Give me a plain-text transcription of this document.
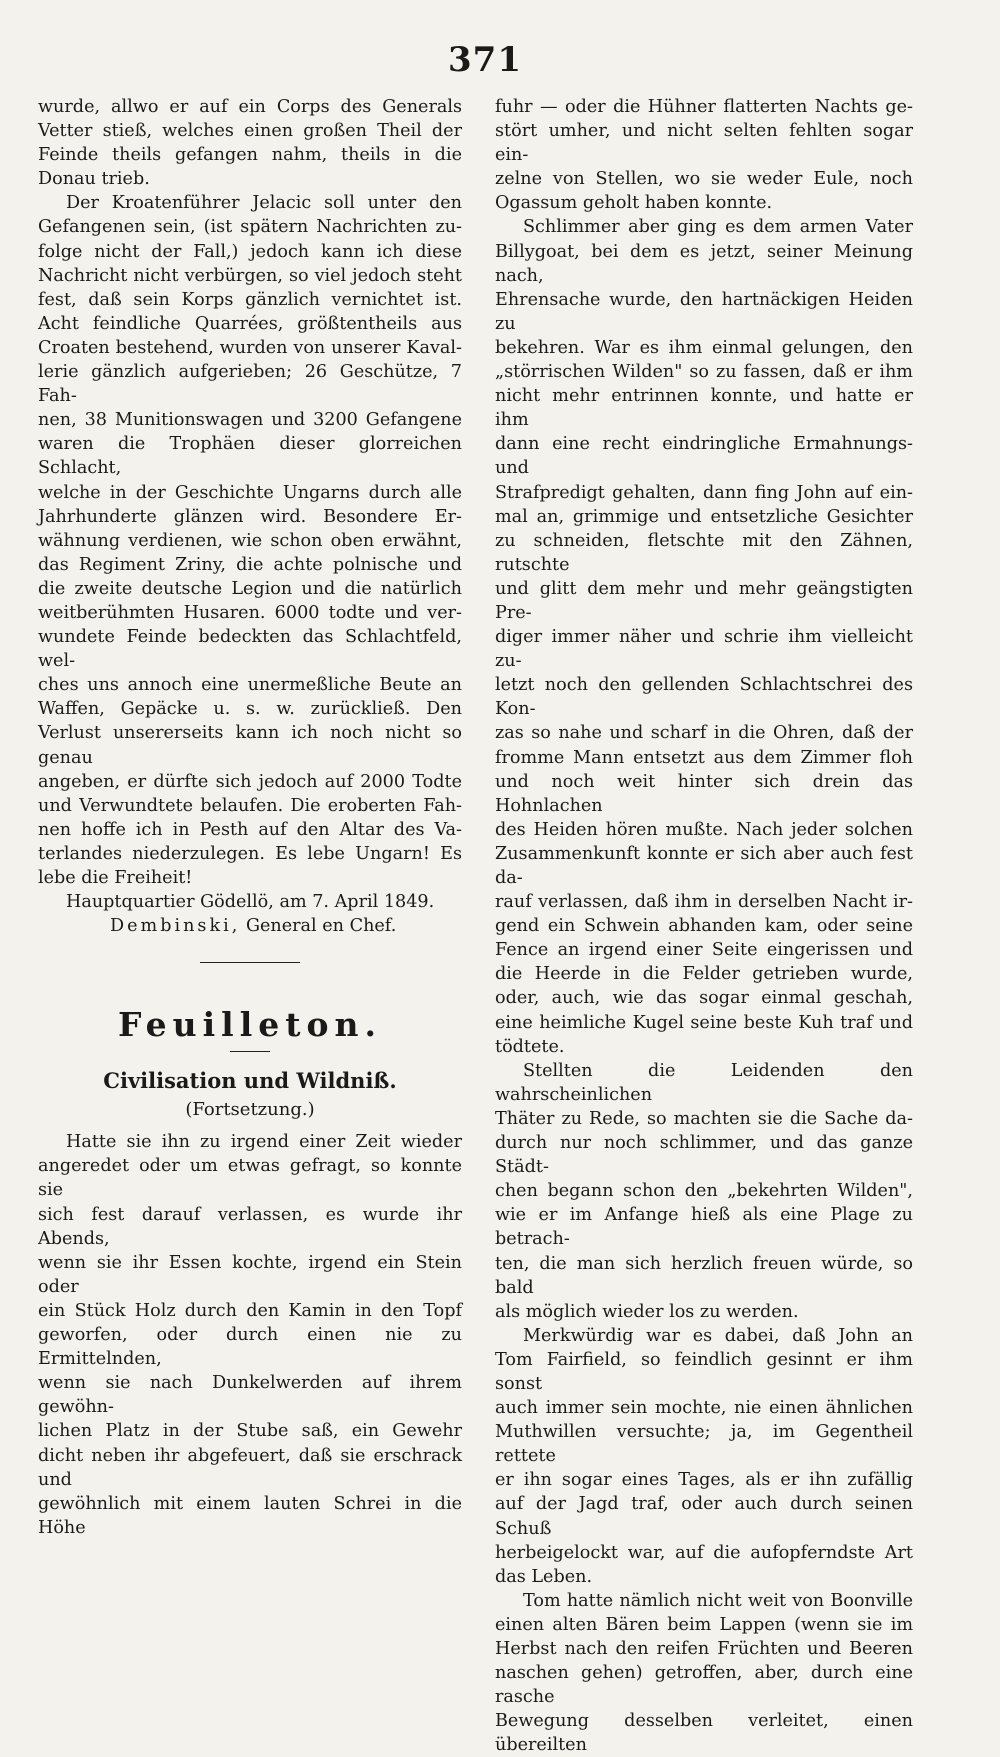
371

wurde, allwo er auf ein Corps des Generals

Vetter stieß, welches einen großen Theil der

Feinde theils gefangen nahm, theils in die

Donau trieb.

Der Kroatenführer Jelacic soll unter den

Gefangenen sein, (ist spätern Nachrichten zu-

folge nicht der Fall,) jedoch kann ich diese

Nachricht nicht verbürgen, so viel jedoch steht

fest, daß sein Korps gänzlich vernichtet ist.

Acht feindliche Quarrées, größtentheils aus

Croaten bestehend, wurden von unserer Kaval-

lerie gänzlich aufgerieben; 26 Geschütze, 7 Fah-

nen, 38 Munitionswagen und 3200 Gefangene

waren die Trophäen dieser glorreichen Schlacht,

welche in der Geschichte Ungarns durch alle

Jahrhunderte glänzen wird. Besondere Er-

wähnung verdienen, wie schon oben erwähnt,

das Regiment Zriny, die achte polnische und

die zweite deutsche Legion und die natürlich

weitberühmten Husaren. 6000 todte und ver-

wundete Feinde bedeckten das Schlachtfeld, wel-

ches uns annoch eine unermeßliche Beute an

Waffen, Gepäcke u. s. w. zurückließ. Den

Verlust unsererseits kann ich noch nicht so genau

angeben, er dürfte sich jedoch auf 2000 Todte

und Verwundtete belaufen. Die eroberten Fah-

nen hoffe ich in Pesth auf den Altar des Va-

terlandes niederzulegen. Es lebe Ungarn! Es

lebe die Freiheit!

Hauptquartier Gödellö, am 7. April 1849.

Dembinski, General en Chef.

Feuilleton.
Civilisation und Wildniß.
(Fortsetzung.)

Hatte sie ihn zu irgend einer Zeit wieder

angeredet oder um etwas gefragt, so konnte sie

sich fest darauf verlassen, es wurde ihr Abends,

wenn sie ihr Essen kochte, irgend ein Stein oder

ein Stück Holz durch den Kamin in den Topf

geworfen, oder durch einen nie zu Ermittelnden,

wenn sie nach Dunkelwerden auf ihrem gewöhn-

lichen Platz in der Stube saß, ein Gewehr

dicht neben ihr abgefeuert, daß sie erschrack und

gewöhnlich mit einem lauten Schrei in die Höhe

fuhr — oder die Hühner flatterten Nachts ge-

stört umher, und nicht selten fehlten sogar ein-

zelne von Stellen, wo sie weder Eule, noch

Ogassum geholt haben konnte.

Schlimmer aber ging es dem armen Vater

Billygoat, bei dem es jetzt, seiner Meinung nach,

Ehrensache wurde, den hartnäckigen Heiden zu

bekehren. War es ihm einmal gelungen, den

„störrischen Wilden" so zu fassen, daß er ihm

nicht mehr entrinnen konnte, und hatte er ihm

dann eine recht eindringliche Ermahnungs- und

Strafpredigt gehalten, dann fing John auf ein-

mal an, grimmige und entsetzliche Gesichter

zu schneiden, fletschte mit den Zähnen, rutschte

und glitt dem mehr und mehr geängstigten Pre-

diger immer näher und schrie ihm vielleicht zu-

letzt noch den gellenden Schlachtschrei des Kon-

zas so nahe und scharf in die Ohren, daß der

fromme Mann entsetzt aus dem Zimmer floh

und noch weit hinter sich drein das Hohnlachen

des Heiden hören mußte. Nach jeder solchen

Zusammenkunft konnte er sich aber auch fest da-

rauf verlassen, daß ihm in derselben Nacht ir-

gend ein Schwein abhanden kam, oder seine

Fence an irgend einer Seite eingerissen und

die Heerde in die Felder getrieben wurde,

oder, auch, wie das sogar einmal geschah,

eine heimliche Kugel seine beste Kuh traf und

tödtete.

Stellten die Leidenden den wahrscheinlichen

Thäter zu Rede, so machten sie die Sache da-

durch nur noch schlimmer, und das ganze Städt-

chen begann schon den „bekehrten Wilden",

wie er im Anfange hieß als eine Plage zu betrach-

ten, die man sich herzlich freuen würde, so bald

als möglich wieder los zu werden.

Merkwürdig war es dabei, daß John an

Tom Fairfield, so feindlich gesinnt er ihm sonst

auch immer sein mochte, nie einen ähnlichen

Muthwillen versuchte; ja, im Gegentheil rettete

er ihn sogar eines Tages, als er ihn zufällig

auf der Jagd traf, oder auch durch seinen Schuß

herbeigelockt war, auf die aufopferndste Art

das Leben.

Tom hatte nämlich nicht weit von Boonville

einen alten Bären beim Lappen (wenn sie im

Herbst nach den reifen Früchten und Beeren

naschen gehen) getroffen, aber, durch eine rasche

Bewegung desselben verleitet, einen übereilten
